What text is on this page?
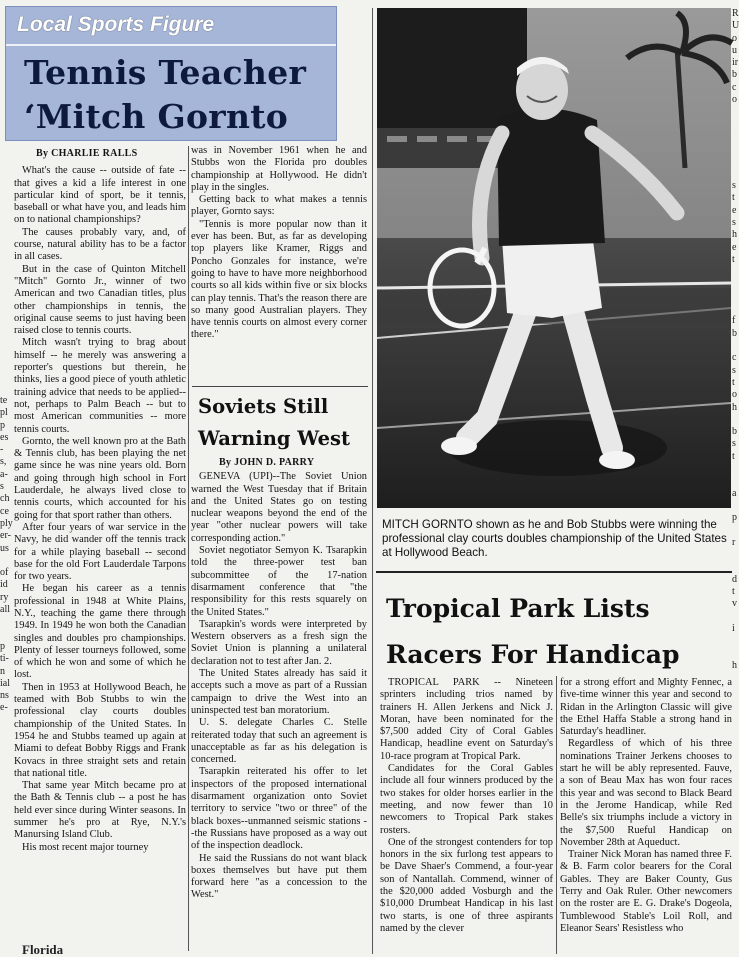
te
pl
p
es
-
s,
a-
s
ch
ce
ply
er-
us

of
id
ry
all

p
ti-
n
ial
ns
e-
Local Sports Figure
Tennis Teacher
‘Mitch Gornto

By CHARLIE RALLS

What's the cause -- outside of fate -- that gives a kid a life interest in one particular kind of sport, be it tennis, baseball or what have you, and leads him on to national championships?

The causes probably vary, and, of course, natural ability has to be a factor in all cases.

But in the case of Quinton Mitchell "Mitch" Gornto Jr., winner of two American and two Canadian titles, plus other championships in tennis, the original cause seems to just having been raised close to tennis courts.

Mitch wasn't trying to brag about himself -- he merely was answering a reporter's questions but therein, he thinks, lies a good piece of youth athletic training advice that needs to be applied-- not, perhaps to Palm Beach -- but to most American communities -- more tennis courts.

Gornto, the well known pro at the Bath & Tennis club, has been playing the net game since he was nine years old. Born and going through high school in Fort Lauderdale, he always lived close to tennis courts, which accounted for his going for that sport rather than others.

After four years of war service in the Navy, he did wander off the tennis track for a while playing baseball -- second base for the old Fort Lauderdale Tarpons for two years.

He began his career as a tennis professional in 1948 at White Plains, N.Y., teaching the game there through 1949. In 1949 he won both the Canadian singles and doubles pro championships. Plenty of lesser tourneys followed, some of which he won and some of which he lost.

Then in 1953 at Hollywood Beach, he teamed with Bob Stubbs to win the professional clay courts doubles championship of the United States. In 1954 he and Stubbs teamed up again at Miami to defeat Bobby Riggs and Frank Kovacs in three straight sets and retain that national title.

That same year Mitch became pro at the Bath & Tennis club -- a post he has held ever since during Winter seasons. In summer he's pro at Rye, N.Y.'s Manursing Island Club.

His most recent major tourney

was in November 1961 when he and Stubbs won the Florida pro doubles championship at Hollywood. He didn't play in the singles.

Getting back to what makes a tennis player, Gornto says:

"Tennis is more popular now than it ever has been. But, as far as developing top players like Kramer, Riggs and Poncho Gonzales for instance, we're going to have to have more neighborhood courts so all kids within five or six blocks can play tennis. That's the reason there are so many good Australian players. They have tennis courts on almost every corner there."

Soviets Still
Warning West

By JOHN D. PARRY

GENEVA (UPI)--The Soviet Union warned the West Tuesday that if Britain and the United States go on testing nuclear weapons beyond the end of the year "other nuclear powers will take corresponding action."

Soviet negotiator Semyon K. Tsarapkin told the three-power test ban subcommittee of the 17-nation disarmament conference that "the responsibility for this rests squarely on the United States."

Tsarapkin's words were interpreted by Western observers as a fresh sign the Soviet Union is planning a unilateral declaration not to test after Jan. 2.

The United States already has said it accepts such a move as part of a Russian campaign to drive the West into an uninspected test ban moratorium.

U. S. delegate Charles C. Stelle reiterated today that such an agreement is unacceptable as far as his delegation is concerned.

Tsarapkin reiterated his offer to let inspectors of the proposed international disarmament organization onto Soviet territory to service "two or three" of the black boxes--unmanned seismic stations --the Russians have proposed as a way out of the inspection deadlock.

He said the Russians do not want black boxes themselves but have put them forward here "as a concession to the West."

MITCH GORNTO shown as he and Bob Stubbs were winning the professional clay courts doubles championship of the United States at Hollywood Beach.
Tropical Park Lists
Racers For Handicap

TROPICAL PARK -- Nineteen sprinters including trios named by trainers H. Allen Jerkens and Nick J. Moran, have been nominated for the $7,500 added City of Coral Gables Handicap, headline event on Saturday's 10-race program at Tropical Park.

Candidates for the Coral Gables include all four winners produced by the two stakes for older horses earlier in the meeting, and now fewer than 10 newcomers to Tropical Park stakes rosters.

One of the strongest contenders for top honors in the six furlong test appears to be Dave Shaer's Commend, a four-year son of Nantallah. Commend, winner of the $20,000 added Vosburgh and the $10,000 Drumbeat Handicap in his last two starts, is one of three aspirants named by the clever

for a strong effort and Mighty Fennec, a five-time winner this year and second to Ridan in the Arlington Classic will give the Ethel Haffa Stable a strong hand in Saturday's headliner.

Regardless of which of his three nominations Trainer Jerkens chooses to start he will be ably represented. Fauve, a son of Beau Max has won four races this year and was second to Black Beard in the Jerome Handicap, while Red Belle's six triumphs include a victory in the $7,500 Rueful Handicap on November 28th at Aqueduct.

Trainer Nick Moran has named three F. & B. Farm color bearers for the Coral Gables. They are Baker County, Gus Terry and Oak Ruler. Other newcomers on the roster are E. G. Drake's Dogeola, Tumblewood Stable's Loil Roll, and Eleanor Sears' Resistless who

R
U
o
u
ir
b
c
o

s
t
e
s
h
e
t

f
b

c
s
t
o
h

b
s
t

a

p

r

d
t
v

i

h
Florida
